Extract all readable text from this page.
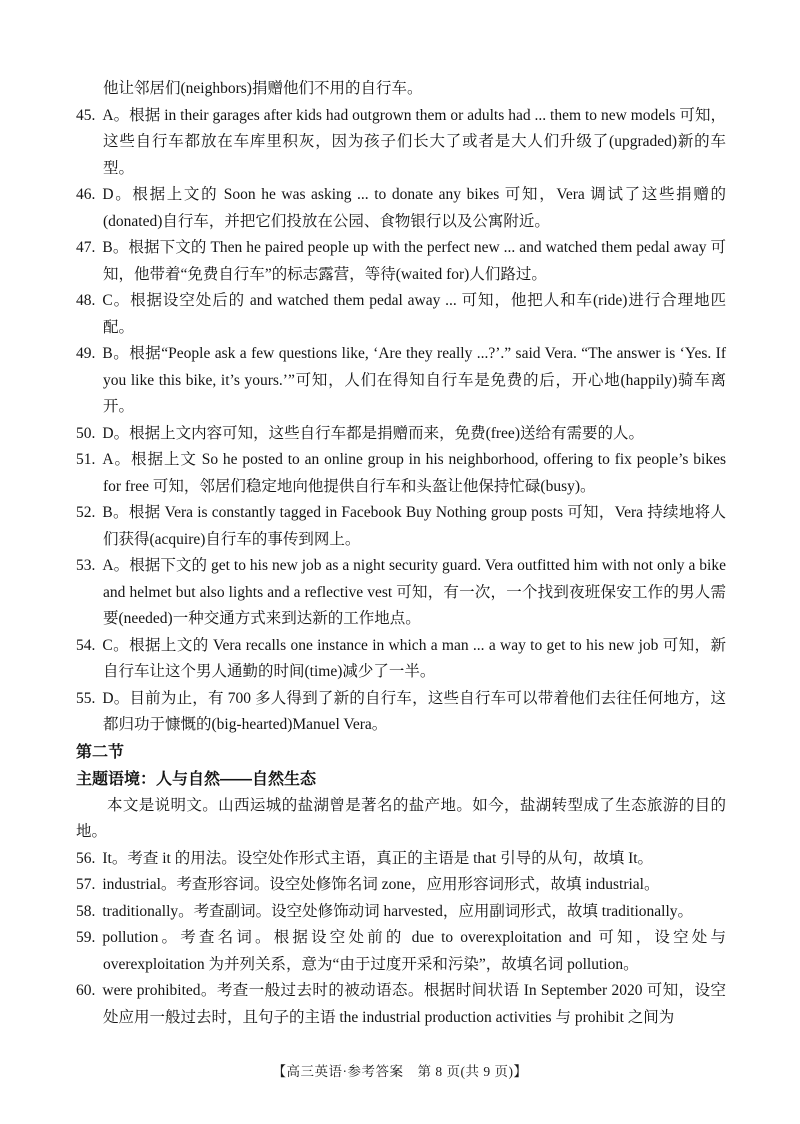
他让邻居们(neighbors)捐赠他们不用的自行车。

45. A。根据 in their garages after kids had outgrown them or adults had ... them to new models 可知，这些自行车都放在车库里积灰，因为孩子们长大了或者是大人们升级了(upgraded)新的车型。

46. D。根据上文的 Soon he was asking ... to donate any bikes 可知，Vera 调试了这些捐赠的(donated)自行车，并把它们投放在公园、食物银行以及公寓附近。

47. B。根据下文的 Then he paired people up with the perfect new ... and watched them pedal away 可知，他带着“免费自行车”的标志露营，等待(waited for)人们路过。

48. C。根据设空处后的 and watched them pedal away ... 可知，他把人和车(ride)进行合理地匹配。

49. B。根据“People ask a few questions like, ‘Are they really ...?’.” said Vera. “The answer is ‘Yes. If you like this bike, it’s yours.’”可知，人们在得知自行车是免费的后，开心地(happily)骑车离开。

50. D。根据上文内容可知，这些自行车都是捐赠而来，免费(free)送给有需要的人。

51. A。根据上文 So he posted to an online group in his neighborhood, offering to fix people’s bikes for free 可知，邻居们稳定地向他提供自行车和头盔让他保持忙碌(busy)。

52. B。根据 Vera is constantly tagged in Facebook Buy Nothing group posts 可知，Vera 持续地将人们获得(acquire)自行车的事传到网上。

53. A。根据下文的 get to his new job as a night security guard. Vera outfitted him with not only a bike and helmet but also lights and a reflective vest 可知，有一次，一个找到夜班保安工作的男人需要(needed)一种交通方式来到达新的工作地点。

54. C。根据上文的 Vera recalls one instance in which a man ... a way to get to his new job 可知，新自行车让这个男人通勤的时间(time)减少了一半。

55. D。目前为止，有 700 多人得到了新的自行车，这些自行车可以带着他们去往任何地方，这都归功于慷慨的(big-hearted)Manuel Vera。

第二节
主题语境：人与自然——自然生态

本文是说明文。山西运城的盐湖曾是著名的盐产地。如今，盐湖转型成了生态旅游的目的地。

56. It。考查 it 的用法。设空处作形式主语，真正的主语是 that 引导的从句，故填 It。

57. industrial。考查形容词。设空处修饰名词 zone，应用形容词形式，故填 industrial。

58. traditionally。考查副词。设空处修饰动词 harvested，应用副词形式，故填 traditionally。

59. pollution。考查名词。根据设空处前的 due to overexploitation and 可知，设空处与 overexploitation 为并列关系，意为“由于过度开采和污染”，故填名词 pollution。

60. were prohibited。考查一般过去时的被动语态。根据时间状语 In September 2020 可知，设空处应用一般过去时，且句子的主语 the industrial production activities 与 prohibit 之间为

【高三英语·参考答案　第 8 页(共 9 页)】
